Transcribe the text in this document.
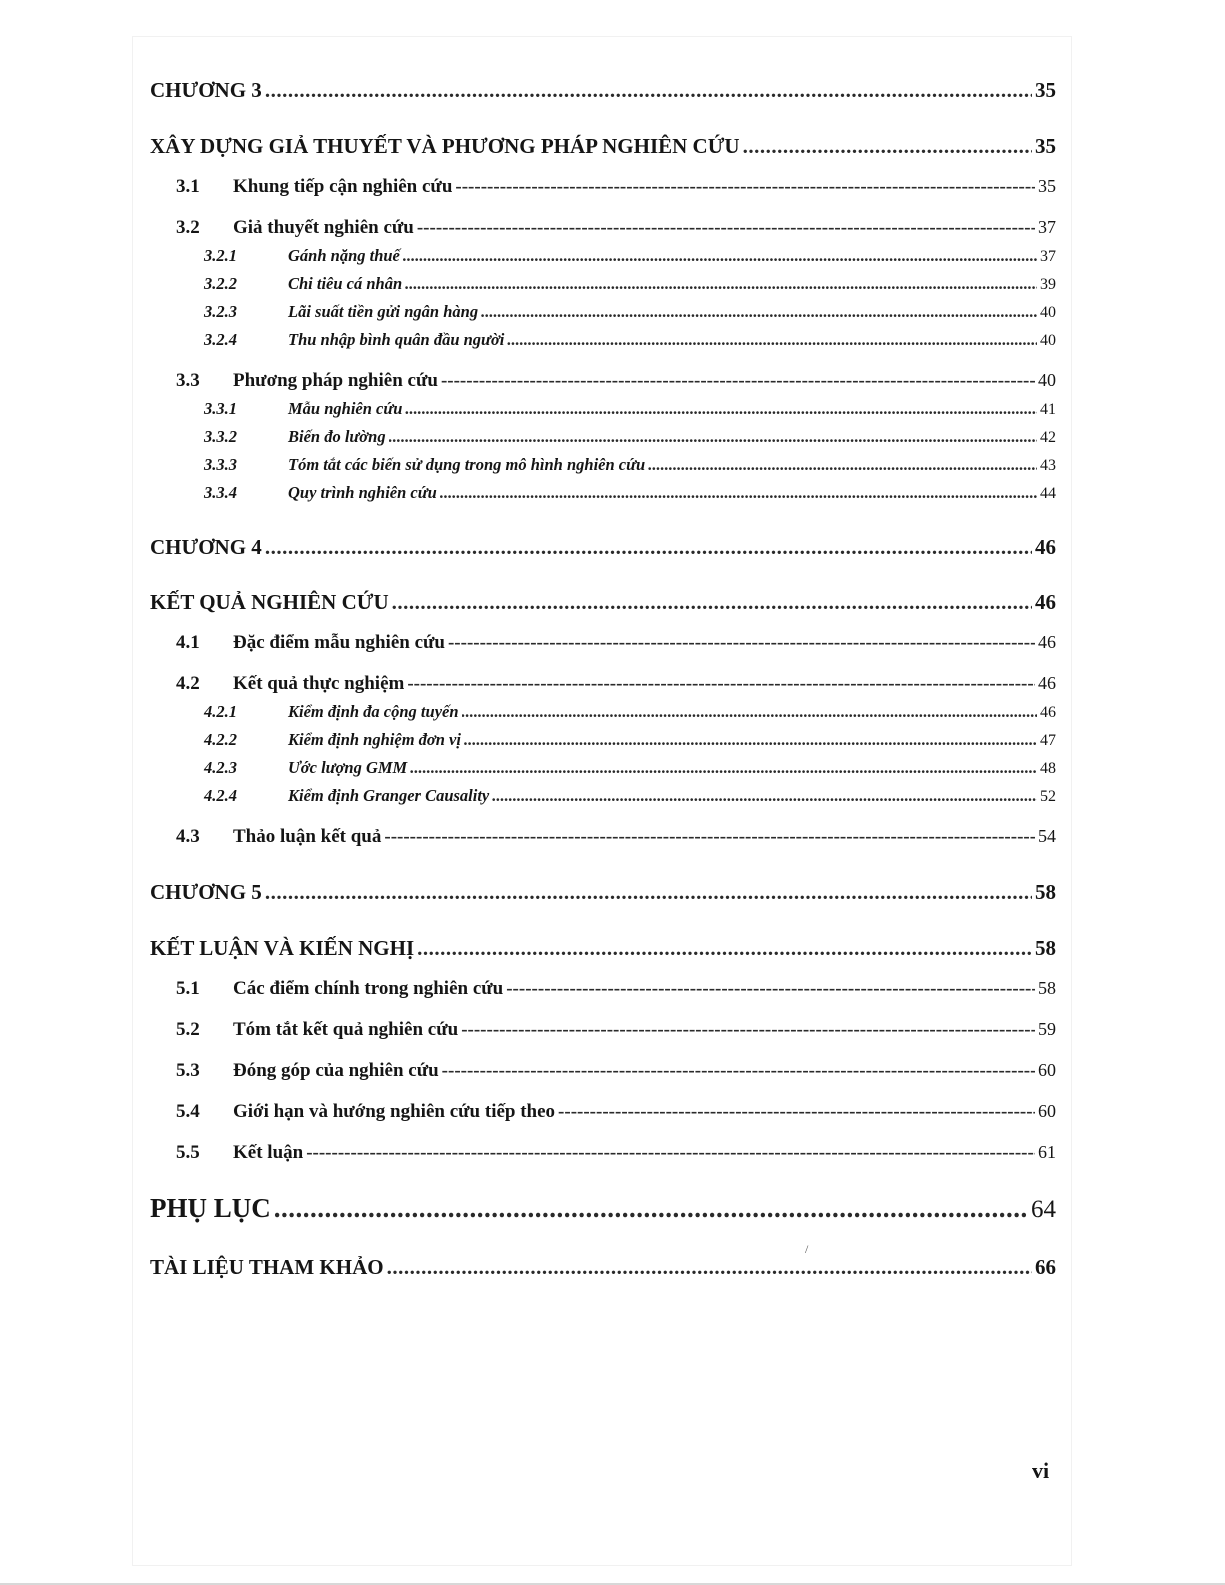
CHƯƠNG 3 .....	35
XÂY DỰNG GIẢ THUYẾT VÀ PHƯƠNG PHÁP NGHIÊN CỨU .....	35
3.1	Khung tiếp cận nghiên cứu -----	35
3.2	Giả thuyết nghiên cứu -----	37
3.2.1	Gánh nặng thuế .....	37
3.2.2	Chi tiêu cá nhân .....	39
3.2.3	Lãi suất tiền gửi ngân hàng .....	40
3.2.4	Thu nhập bình quân đầu người .....	40
3.3	Phương pháp nghiên cứu -----	40
3.3.1	Mẫu nghiên cứu .....	41
3.3.2	Biến đo lường .....	42
3.3.3	Tóm tắt các biến sử dụng trong mô hình nghiên cứu .....	43
3.3.4	Quy trình nghiên cứu .....	44
CHƯƠNG 4 .....	46
KẾT QUẢ NGHIÊN CỨU .....	46
4.1	Đặc điểm mẫu nghiên cứu -----	46
4.2	Kết quả thực nghiệm -----	46
4.2.1	Kiểm định đa cộng tuyến .....	46
4.2.2	Kiểm định nghiệm đơn vị .....	47
4.2.3	Ước lượng GMM .....	48
4.2.4	Kiểm định Granger Causality .....	52
4.3	Thảo luận kết quả -----	54
CHƯƠNG 5 .....	58
KẾT LUẬN VÀ KIẾN NGHỊ .....	58
5.1	Các điểm chính trong nghiên cứu -----	58
5.2	Tóm tắt kết quả nghiên cứu -----	59
5.3	Đóng góp của nghiên cứu -----	60
5.4	Giới hạn và hướng nghiên cứu tiếp theo -----	60
5.5	Kết luận -----	61
PHỤ LỤC .....	64
TÀI LIỆU THAM KHẢO .....	66
/
vi
